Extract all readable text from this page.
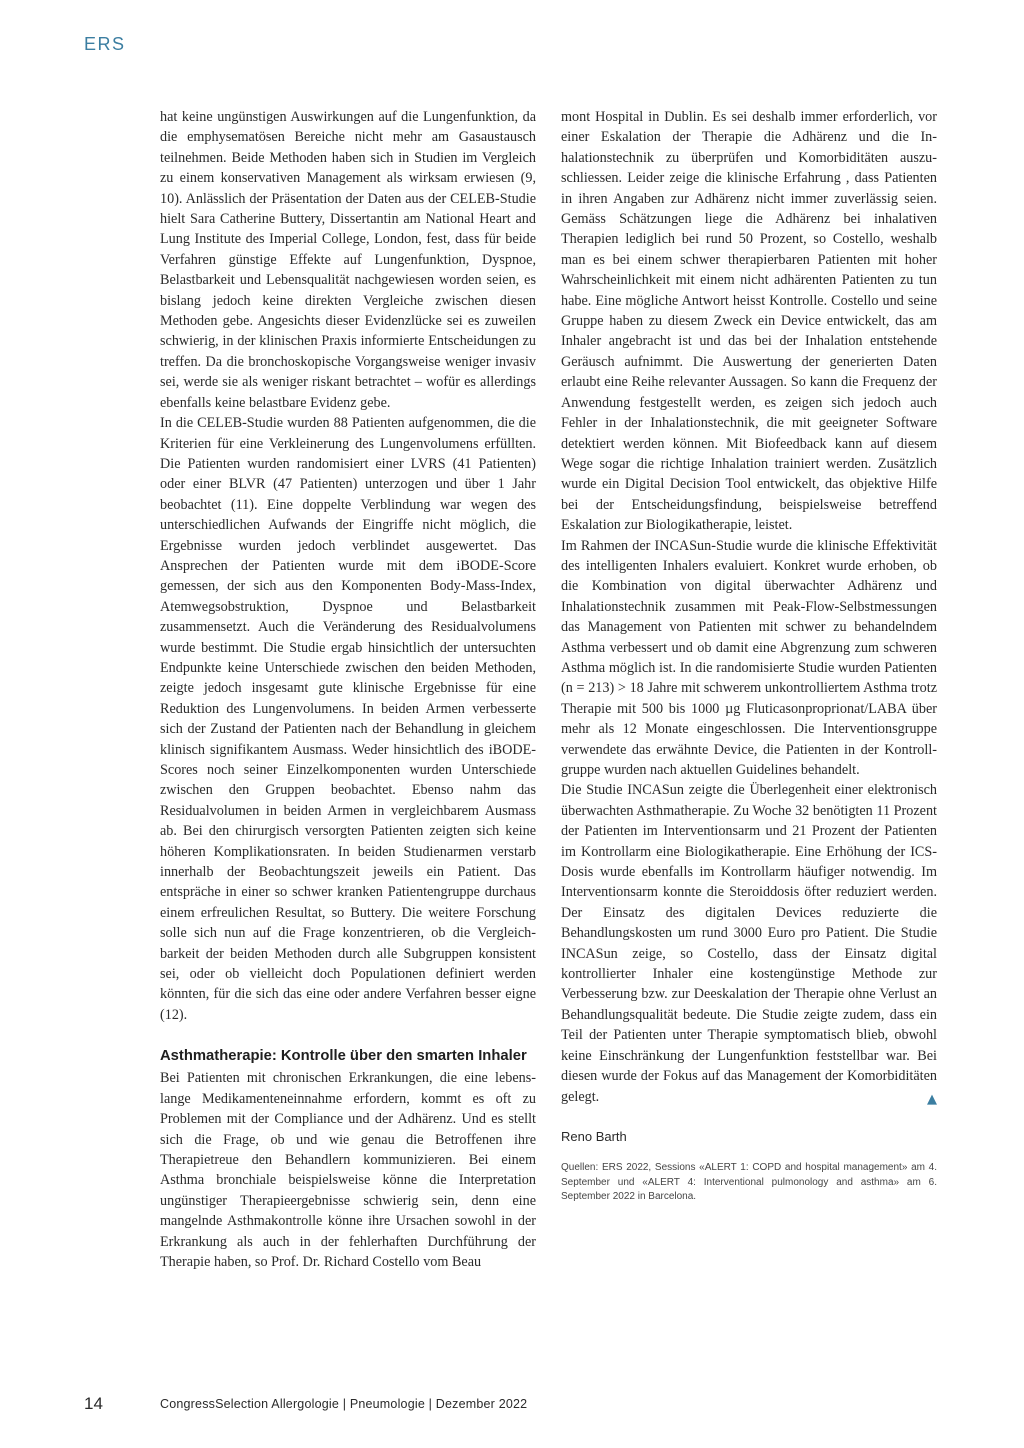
ERS

hat keine ungünstigen Auswirkungen auf die Lungenfunktion, da die emphysematösen Bereiche nicht mehr am Gasaustausch teilnehmen. Beide Methoden haben sich in Studien im Vergleich zu einem konservativen Management als wirksam erwiesen (9, 10). Anlässlich der Präsentation der Daten aus der CELEB-Studie hielt Sara Catherine Buttery, Dissertantin am National Heart and Lung Institute des Imperial College, London, fest, dass für beide Verfahren günstige Effekte auf Lungenfunktion, Dyspnoe, Belastbarkeit und Lebensqualität nachgewiesen worden seien, es bislang jedoch keine direkten Vergleiche zwischen diesen Methoden gebe. Angesichts dieser Evidenzlücke sei es zuweilen schwierig, in der klinischen Praxis informierte Entscheidungen zu treffen. Da die bronchoskopische Vorgangsweise weniger invasiv sei, werde sie als weniger riskant betrachtet – wofür es allerdings ebenfalls keine belastbare Evidenz gebe.

In die CELEB-Studie wurden 88 Patienten aufgenommen, die die Kriterien für eine Verkleinerung des Lungenvolumens erfüllten. Die Patienten wurden randomisiert einer LVRS (41 Patienten) oder einer BLVR (47 Patienten) unterzogen und über 1 Jahr beobachtet (11). Eine doppelte Verblindung war wegen des unterschiedlichen Aufwands der Eingriffe nicht möglich, die Ergebnisse wurden jedoch verblindet ausgewertet. Das Ansprechen der Patienten wurde mit dem iBODE-Score gemessen, der sich aus den Komponenten Body-Mass-Index, Atemwegsobstruktion, Dyspnoe und Belastbarkeit zusammensetzt. Auch die Veränderung des Residualvolumens wurde bestimmt. Die Studie ergab hinsichtlich der untersuchten Endpunkte keine Unterschiede zwischen den beiden Methoden, zeigte jedoch insgesamt gute klinische Ergebnisse für eine Reduktion des Lungenvolumens. In beiden Armen verbesserte sich der Zustand der Patienten nach der Behandlung in gleichem klinisch signifikantem Ausmass. Weder hinsichtlich des iBODE-Scores noch seiner Einzelkomponenten wurden Unterschiede zwischen den Gruppen beobachtet. Ebenso nahm das Residualvolumen in beiden Armen in vergleichbarem Ausmass ab. Bei den chirurgisch versorgten Patienten zeigten sich keine höheren Komplikationsraten. In beiden Studienarmen verstarb innerhalb der Beobachtungszeit jeweils ein Patient. Das entspräche in einer so schwer kranken Patientengruppe durchaus einem erfreulichen Resultat, so Buttery. Die weitere Forschung solle sich nun auf die Frage konzentrieren, ob die Vergleichbarkeit der beiden Methoden durch alle Subgruppen konsistent sei, oder ob vielleicht doch Populationen definiert werden könnten, für die sich das eine oder andere Verfahren besser eigne (12).

Asthmatherapie: Kontrolle über den smarten Inhaler

Bei Patienten mit chronischen Erkrankungen, die eine lebenslange Medikamenteneinnahme erfordern, kommt es oft zu Problemen mit der Compliance und der Adhärenz. Und es stellt sich die Frage, ob und wie genau die Betroffenen ihre Therapietreue den Behandlern kommunizieren. Bei einem Asthma bronchiale beispielsweise könne die Interpretation ungünstiger Therapieergebnisse schwierig sein, denn eine mangelnde Asthmakontrolle könne ihre Ursachen sowohl in der Erkrankung als auch in der fehlerhaften Durchführung der Therapie haben, so Prof. Dr. Richard Costello vom Beau

mont Hospital in Dublin. Es sei deshalb immer erforderlich, vor einer Eskalation der Therapie die Adhärenz und die Inhalationstechnik zu überprüfen und Komorbiditäten auszuschliessen. Leider zeige die klinische Erfahrung , dass Patienten in ihren Angaben zur Adhärenz nicht immer zuverlässig seien. Gemäss Schätzungen liege die Adhärenz bei inhalativen Therapien lediglich bei rund 50 Prozent, so Costello, weshalb man es bei einem schwer therapierbaren Patienten mit hoher Wahrscheinlichkeit mit einem nicht adhärenten Patienten zu tun habe. Eine mögliche Antwort heisst Kontrolle. Costello und seine Gruppe haben zu diesem Zweck ein Device entwickelt, das am Inhaler angebracht ist und das bei der Inhalation entstehende Geräusch aufnimmt. Die Auswertung der generierten Daten erlaubt eine Reihe relevanter Aussagen. So kann die Frequenz der Anwendung festgestellt werden, es zeigen sich jedoch auch Fehler in der Inhalationstechnik, die mit geeigneter Software detektiert werden können. Mit Biofeedback kann auf diesem Wege sogar die richtige Inhalation trainiert werden. Zusätzlich wurde ein Digital Decision Tool entwickelt, das objektive Hilfe bei der Entscheidungsfindung, beispielsweise betreffend Eskalation zur Biologikatherapie, leistet.

Im Rahmen der INCASun-Studie wurde die klinische Effektivität des intelligenten Inhalers evaluiert. Konkret wurde erhoben, ob die Kombination von digital überwachter Adhärenz und Inhalationstechnik zusammen mit Peak-Flow-Selbstmessungen das Management von Patienten mit schwer zu behandelndem Asthma verbessert und ob damit eine Abgrenzung zum schweren Asthma möglich ist. In die randomisierte Studie wurden Patienten (n = 213) > 18 Jahre mit schwerem unkontrolliertem Asthma trotz Therapie mit 500 bis 1000 µg Fluticasonproprionat/LABA über mehr als 12 Monate eingeschlossen. Die Interventionsgruppe verwendete das erwähnte Device, die Patienten in der Kontrollgruppe wurden nach aktuellen Guidelines behandelt.

Die Studie INCASun zeigte die Überlegenheit einer elektronisch überwachten Asthmatherapie. Zu Woche 32 benötigten 11 Prozent der Patienten im Interventionsarm und 21 Prozent der Patienten im Kontrollarm eine Biologikatherapie. Eine Erhöhung der ICS-Dosis wurde ebenfalls im Kontrollarm häufiger notwendig. Im Interventionsarm konnte die Steroiddosis öfter reduziert werden. Der Einsatz des digitalen Devices reduzierte die Behandlungskosten um rund 3000 Euro pro Patient. Die Studie INCASun zeige, so Costello, dass der Einsatz digital kontrollierter Inhaler eine kostengünstige Methode zur Verbesserung bzw. zur Deeskalation der Therapie ohne Verlust an Behandlungsqualität bedeute. Die Studie zeigte zudem, dass ein Teil der Patienten unter Therapie symptomatisch blieb, obwohl keine Einschränkung der Lungenfunktion feststellbar war. Bei diesen wurde der Fokus auf das Management der Komorbiditäten gelegt.	▲

Reno Barth
Quellen: ERS 2022, Sessions «ALERT 1: COPD and hospital management» am 4. September und «ALERT 4: Interventional pulmonology and asthma» am 6. September 2022 in Barcelona.
14	CongressSelection Allergologie | Pneumologie | Dezember 2022
